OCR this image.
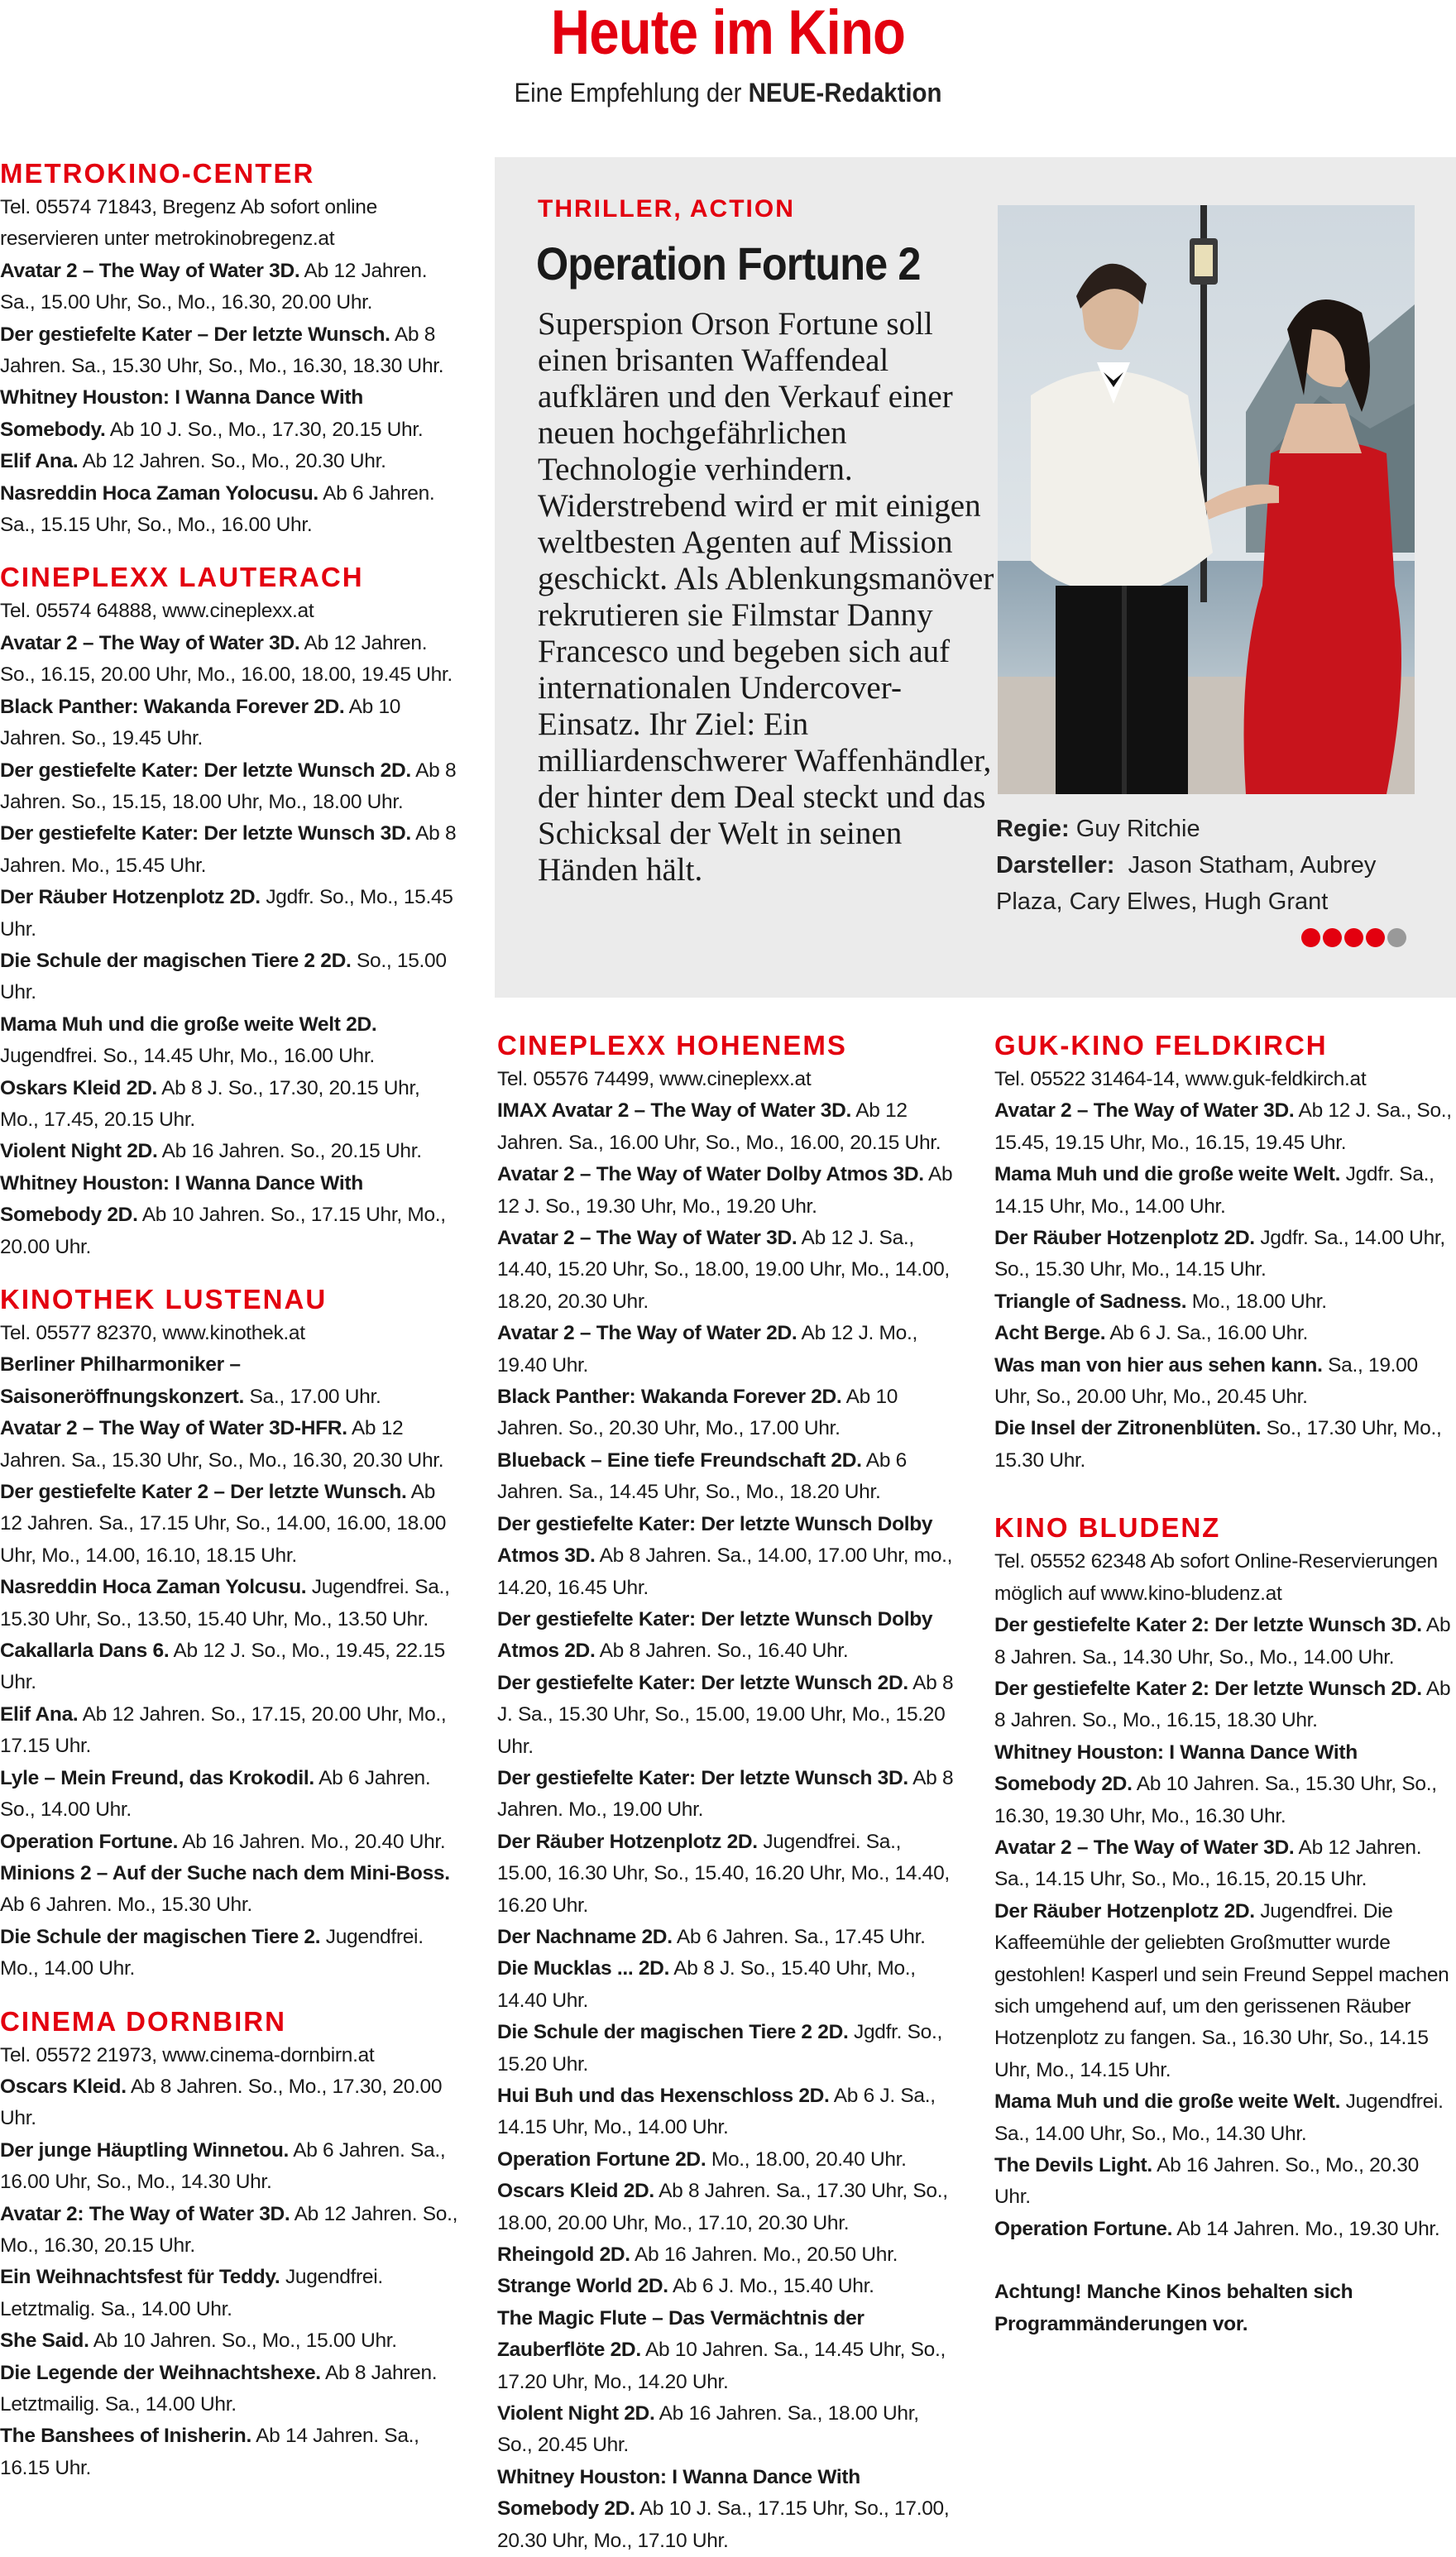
Heute im Kino
Eine Empfehlung der NEUE-Redaktion
METROKINO-CENTER
Tel. 05574 71843, Bregenz Ab sofort online reservieren unter metrokinobregenz.at
Avatar 2 – The Way of Water 3D. Ab 12 Jahren. Sa., 15.00 Uhr, So., Mo., 16.30, 20.00 Uhr.
Der gestiefelte Kater – Der letzte Wunsch. Ab 8 Jahren. Sa., 15.30 Uhr, So., Mo., 16.30, 18.30 Uhr.
Whitney Houston: I Wanna Dance With Somebody. Ab 10 J. So., Mo., 17.30, 20.15 Uhr.
Elif Ana. Ab 12 Jahren. So., Mo., 20.30 Uhr.
Nasreddin Hoca Zaman Yolocusu. Ab 6 Jahren. Sa., 15.15 Uhr, So., Mo., 16.00 Uhr.
CINEPLEXX LAUTERACH
Tel. 05574 64888, www.cineplexx.at
Avatar 2 – The Way of Water 3D. Ab 12 Jahren. So., 16.15, 20.00 Uhr, Mo., 16.00, 18.00, 19.45 Uhr.
Black Panther: Wakanda Forever 2D. Ab 10 Jahren. So., 19.45 Uhr.
Der gestiefelte Kater: Der letzte Wunsch 2D. Ab 8 Jahren. So., 15.15, 18.00 Uhr, Mo., 18.00 Uhr.
Der gestiefelte Kater: Der letzte Wunsch 3D. Ab 8 Jahren. Mo., 15.45 Uhr.
Der Räuber Hotzenplotz 2D. Jgdfr. So., Mo., 15.45 Uhr.
Die Schule der magischen Tiere 2 2D. So., 15.00 Uhr.
Mama Muh und die große weite Welt 2D. Jugendfrei. So., 14.45 Uhr, Mo., 16.00 Uhr.
Oskars Kleid 2D. Ab 8 J. So., 17.30, 20.15 Uhr, Mo., 17.45, 20.15 Uhr.
Violent Night 2D. Ab 16 Jahren. So., 20.15 Uhr.
Whitney Houston: I Wanna Dance With Somebody 2D. Ab 10 Jahren. So., 17.15 Uhr, Mo., 20.00 Uhr.
KINOTHEK LUSTENAU
Tel. 05577 82370, www.kinothek.at
Berliner Philharmoniker – Saisoneröffnungskonzert. Sa., 17.00 Uhr.
Avatar 2 – The Way of Water 3D-HFR. Ab 12 Jahren. Sa., 15.30 Uhr, So., Mo., 16.30, 20.30 Uhr.
Der gestiefelte Kater 2 – Der letzte Wunsch. Ab 12 Jahren. Sa., 17.15 Uhr, So., 14.00, 16.00, 18.00 Uhr, Mo., 14.00, 16.10, 18.15 Uhr.
Nasreddin Hoca Zaman Yolcusu. Jugendfrei. Sa., 15.30 Uhr, So., 13.50, 15.40 Uhr, Mo., 13.50 Uhr.
Cakallarla Dans 6. Ab 12 J. So., Mo., 19.45, 22.15 Uhr.
Elif Ana. Ab 12 Jahren. So., 17.15, 20.00 Uhr, Mo., 17.15 Uhr.
Lyle – Mein Freund, das Krokodil. Ab 6 Jahren. So., 14.00 Uhr.
Operation Fortune. Ab 16 Jahren. Mo., 20.40 Uhr.
Minions 2 – Auf der Suche nach dem Mini-Boss. Ab 6 Jahren. Mo., 15.30 Uhr.
Die Schule der magischen Tiere 2. Jugendfrei. Mo., 14.00 Uhr.
CINEMA DORNBIRN
Tel. 05572 21973, www.cinema-dornbirn.at
Oscars Kleid. Ab 8 Jahren. So., Mo., 17.30, 20.00 Uhr.
Der junge Häuptling Winnetou. Ab 6 Jahren. Sa., 16.00 Uhr, So., Mo., 14.30 Uhr.
Avatar 2: The Way of Water 3D. Ab 12 Jahren. So., Mo., 16.30, 20.15 Uhr.
Ein Weihnachtsfest für Teddy. Jugendfrei. Letztmalig. Sa., 14.00 Uhr.
She Said. Ab 10 Jahren. So., Mo., 15.00 Uhr.
Die Legende der Weihnachtshexe. Ab 8 Jahren. Letztmailig. Sa., 14.00 Uhr.
The Banshees of Inisherin. Ab 14 Jahren. Sa., 16.15 Uhr.
THRILLER, ACTION
Operation Fortune 2
Superspion Orson Fortune soll einen brisanten Waffendeal aufklären und den Verkauf einer neuen hochgefährlichen Technologie verhindern. Widerstrebend wird er mit einigen weltbesten Agenten auf Mission geschickt. Als Ablenkungsmanöver rekrutieren sie Filmstar Danny Francesco und begeben sich auf internationalen Undercover-Einsatz. Ihr Ziel: Ein milliardenschwerer Waffenhändler, der hinter dem Deal steckt und das Schicksal der Welt in seinen Händen hält.
Regie: Guy Ritchie
Darsteller: Jason Statham, Aubrey Plaza, Cary Elwes, Hugh Grant
CINEPLEXX HOHENEMS
Tel. 05576 74499, www.cineplexx.at
IMAX Avatar 2 – The Way of Water 3D. Ab 12 Jahren. Sa., 16.00 Uhr, So., Mo., 16.00, 20.15 Uhr.
Avatar 2 – The Way of Water Dolby Atmos 3D. Ab 12 J. So., 19.30 Uhr, Mo., 19.20 Uhr.
Avatar 2 – The Way of Water 3D. Ab 12 J. Sa., 14.40, 15.20 Uhr, So., 18.00, 19.00 Uhr, Mo., 14.00, 18.20, 20.30 Uhr.
Avatar 2 – The Way of Water 2D. Ab 12 J. Mo., 19.40 Uhr.
Black Panther: Wakanda Forever 2D. Ab 10 Jahren. So., 20.30 Uhr, Mo., 17.00 Uhr.
Blueback – Eine tiefe Freundschaft 2D. Ab 6 Jahren. Sa., 14.45 Uhr, So., Mo., 18.20 Uhr.
Der gestiefelte Kater: Der letzte Wunsch Dolby Atmos 3D. Ab 8 Jahren. Sa., 14.00, 17.00 Uhr, mo., 14.20, 16.45 Uhr.
Der gestiefelte Kater: Der letzte Wunsch Dolby Atmos 2D. Ab 8 Jahren. So., 16.40 Uhr.
Der gestiefelte Kater: Der letzte Wunsch 2D. Ab 8 J. Sa., 15.30 Uhr, So., 15.00, 19.00 Uhr, Mo., 15.20 Uhr.
Der gestiefelte Kater: Der letzte Wunsch 3D. Ab 8 Jahren. Mo., 19.00 Uhr.
Der Räuber Hotzenplotz 2D. Jugendfrei. Sa., 15.00, 16.30 Uhr, So., 15.40, 16.20 Uhr, Mo., 14.40, 16.20 Uhr.
Der Nachname 2D. Ab 6 Jahren. Sa., 17.45 Uhr.
Die Mucklas ... 2D. Ab 8 J. So., 15.40 Uhr, Mo., 14.40 Uhr.
Die Schule der magischen Tiere 2 2D. Jgdfr. So., 15.20 Uhr.
Hui Buh und das Hexenschloss 2D. Ab 6 J. Sa., 14.15 Uhr, Mo., 14.00 Uhr.
Operation Fortune 2D. Mo., 18.00, 20.40 Uhr.
Oscars Kleid 2D. Ab 8 Jahren. Sa., 17.30 Uhr, So., 18.00, 20.00 Uhr, Mo., 17.10, 20.30 Uhr.
Rheingold 2D. Ab 16 Jahren. Mo., 20.50 Uhr.
Strange World 2D. Ab 6 J. Mo., 15.40 Uhr.
The Magic Flute – Das Vermächtnis der Zauberflöte 2D. Ab 10 Jahren. Sa., 14.45 Uhr, So., 17.20 Uhr, Mo., 14.20 Uhr.
Violent Night 2D. Ab 16 Jahren. Sa., 18.00 Uhr, So., 20.45 Uhr.
Whitney Houston: I Wanna Dance With Somebody 2D. Ab 10 J. Sa., 17.15 Uhr, So., 17.00, 20.30 Uhr, Mo., 17.10 Uhr.
GUK-KINO FELDKIRCH
Tel. 05522 31464-14, www.guk-feldkirch.at
Avatar 2 – The Way of Water 3D. Ab 12 J. Sa., So., 15.45, 19.15 Uhr, Mo., 16.15, 19.45 Uhr.
Mama Muh und die große weite Welt. Jgdfr. Sa., 14.15 Uhr, Mo., 14.00 Uhr.
Der Räuber Hotzenplotz 2D. Jgdfr. Sa., 14.00 Uhr, So., 15.30 Uhr, Mo., 14.15 Uhr.
Triangle of Sadness. Mo., 18.00 Uhr.
Acht Berge. Ab 6 J. Sa., 16.00 Uhr.
Was man von hier aus sehen kann. Sa., 19.00 Uhr, So., 20.00 Uhr, Mo., 20.45 Uhr.
Die Insel der Zitronenblüten. So., 17.30 Uhr, Mo., 15.30 Uhr.
KINO BLUDENZ
Tel. 05552 62348 Ab sofort Online-Reservierungen möglich auf www.kino-bludenz.at
Der gestiefelte Kater 2: Der letzte Wunsch 3D. Ab 8 Jahren. Sa., 14.30 Uhr, So., Mo., 14.00 Uhr.
Der gestiefelte Kater 2: Der letzte Wunsch 2D. Ab 8 Jahren. So., Mo., 16.15, 18.30 Uhr.
Whitney Houston: I Wanna Dance With Somebody 2D. Ab 10 Jahren. Sa., 15.30 Uhr, So., 16.30, 19.30 Uhr, Mo., 16.30 Uhr.
Avatar 2 – The Way of Water 3D. Ab 12 Jahren. Sa., 14.15 Uhr, So., Mo., 16.15, 20.15 Uhr.
Der Räuber Hotzenplotz 2D. Jugendfrei. Die Kaffeemühle der geliebten Großmutter wurde gestohlen! Kasperl und sein Freund Seppel machen sich umgehend auf, um den gerissenen Räuber Hotzenplotz zu fangen. Sa., 16.30 Uhr, So., 14.15 Uhr, Mo., 14.15 Uhr.
Mama Muh und die große weite Welt. Jugendfrei. Sa., 14.00 Uhr, So., Mo., 14.30 Uhr.
The Devils Light. Ab 16 Jahren. So., Mo., 20.30 Uhr.
Operation Fortune. Ab 14 Jahren. Mo., 19.30 Uhr.
Achtung! Manche Kinos behalten sich Programmänderungen vor.
